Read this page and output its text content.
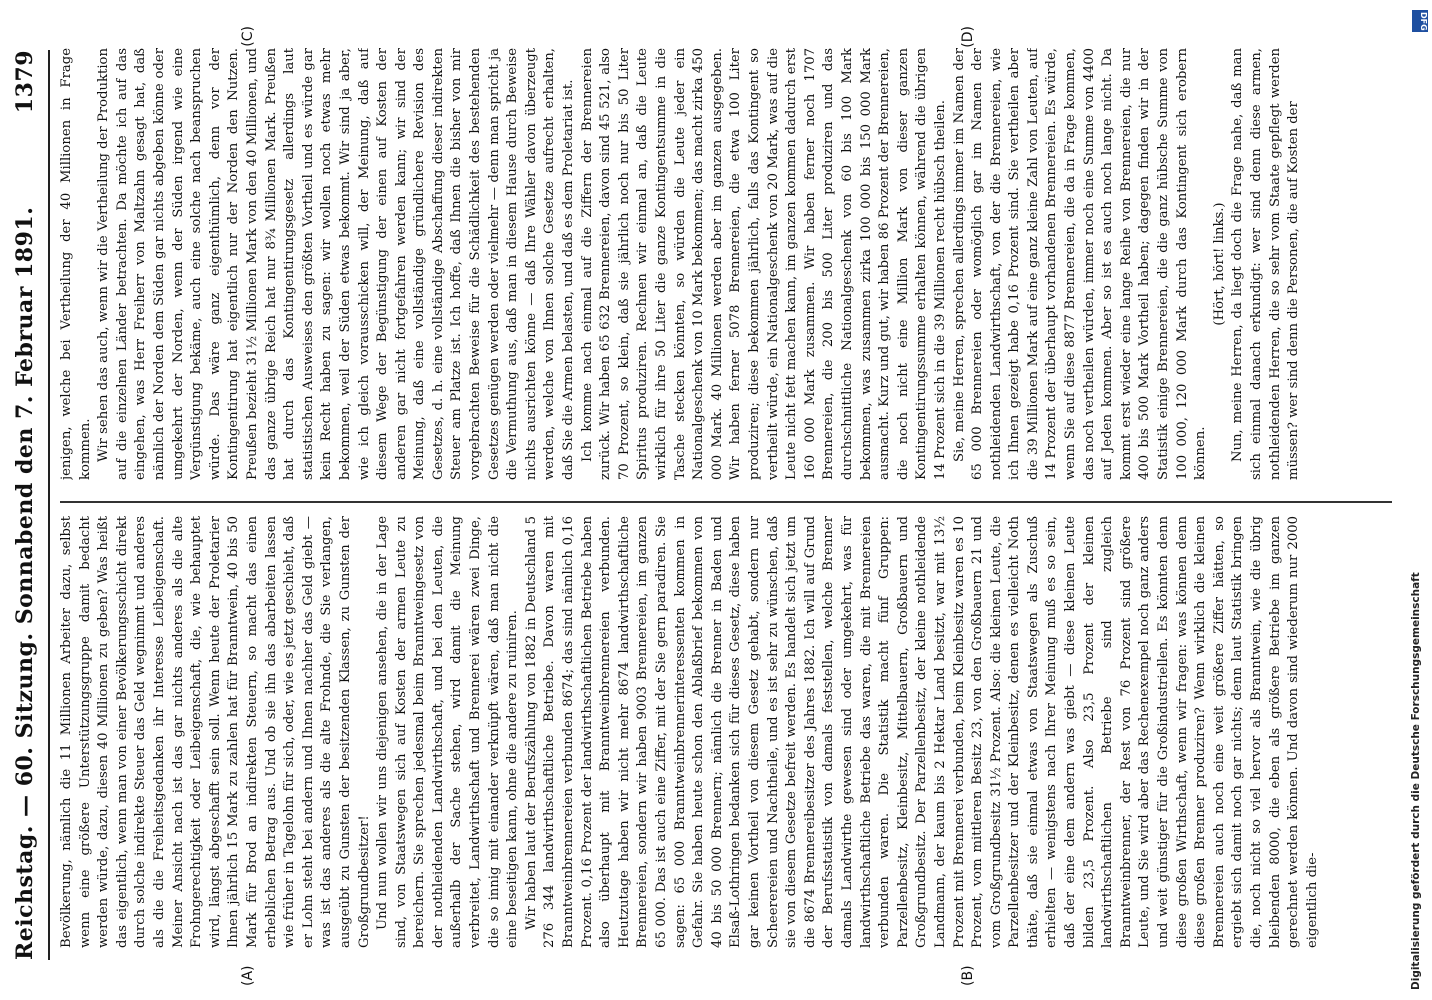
Reichstag. — 60. Sitzung. Sonnabend den 7. Februar 1891.
1379
(A)	(B)
(C)	(D)

Bevölkerung, nämlich die 11 Millionen Arbeiter dazu, selbst wenn eine größere Unterstützungsgruppe damit bedacht werden würde, dazu, diesen 40 Millionen zu geben? Was heißt das eigentlich, wenn man von einer Bevölkerungsschicht direkt durch solche indirekte Steuer das Geld wegnimmt und anderes als die die Freiheitsgedanken ihr Interesse Leibeigenschaft. Meiner Ansicht nach ist das gar nichts anderes als die alte Frohngerechtigkeit oder Leibeigenschaft, die, wie behauptet wird, längst abgeschafft sein soll. Wenn heute der Proletarier Ihnen jährlich 15 Mark zu zahlen hat für Branntwein, 40 bis 50 Mark für Brod an indirekten Steuern, so macht das einen erheblichen Betrag aus. Und ob sie ihn das abarbeiten lassen wie früher in Tagelohn für sich, oder, wie es jetzt geschieht, daß er Lohn steht bei andern und Ihnen nachher das Geld giebt — was ist das anderes als die alte Frohnde, die Sie verlangen, ausgeübt zu Gunsten der besitzenden Klassen, zu Gunsten der Großgrundbesitzer! Und nun wollen wir uns diejenigen ansehen, die in der Lage sind, von Staatswegen sich auf Kosten der armen Leute zu bereichern. Sie sprechen jedesmal beim Branntweingesetz von der nothleidenden Landwirthschaft, und bei den Leuten, die außerhalb der Sache stehen, wird damit die Meinung verbreitet, Landwirthschaft und Brennerei wären zwei Dinge, die so innig mit einander verknüpft wären, daß man nicht die eine beseitigen kann, ohne die andere zu ruiniren. Wir haben laut der Berufszählung von 1882 in Deutschland 5 276 344 landwirthschaftliche Betriebe. Davon waren mit Branntweinbrennereien verbunden 8674; das sind nämlich 0,16 Prozent. 0,16 Prozent der landwirthschaftlichen Betriebe haben also überhaupt mit Branntweinbrennereien verbunden. Heutzutage haben wir nicht mehr 8674 landwirthschaftliche Brennereien, sondern wir haben 9003 Brennereien, im ganzen 65 000. Das ist auch eine Ziffer, mit der Sie gern paradiren. Sie sagen: 65 000 Branntweinbrennerinteressenten kommen in Gefahr. Sie haben heute schon den Ablaßbrief bekommen von 40 bis 50 000 Brennern; nämlich die Brenner in Baden und Elsaß-Lothringen bedanken sich für dieses Gesetz, diese haben gar keinen Vortheil von diesem Gesetz gehabt, sondern nur Scheerereien und Nachtheile, und es ist sehr zu wünschen, daß sie von diesem Gesetze befreit werden. Es handelt sich jetzt um die 8674 Brennereibesitzer des Jahres 1882. Ich will auf Grund der Berufsstatistik von damals feststellen, welche Brenner damals Landwirthe gewesen sind oder umgekehrt, was für landwirthschaftliche Betriebe das waren, die mit Brennereien verbunden waren. Die Statistik macht fünf Gruppen: Parzellenbesitz, Kleinbesitz, Mittelbauern, Großbauern und Großgrundbesitz. Der Parzellenbesitz, der kleine nothleidende Landmann, der kaum bis 2 Hektar Land besitzt, war mit 13½ Prozent mit Brennerei verbunden, beim Kleinbesitz waren es 10 Prozent, vom mittleren Besitz 23, von den Großbauern 21 und vom Großgrundbesitz 31½ Prozent. Also: die kleinen Leute, die Parzellenbesitzer und der Kleinbesitz, denen es vielleicht Noth thäte, daß sie einmal etwas von Staatswegen als Zuschuß erhielten — wenigstens nach Ihrer Meinung muß es so sein, daß der eine dem andern was giebt — diese kleinen Leute bilden 23,5 Prozent. Also 23,5 Prozent der kleinen landwirthschaftlichen Betriebe sind zugleich Branntweinbrenner, der Rest von 76 Prozent sind größere Leute, und Sie wird aber das Rechenexempel noch ganz anders und weit günstiger für die Großindustriellen. Es könnten denn diese großen Wirthschaft, wenn wir fragen: was können denn diese großen Brenner produziren? Wenn wirklich die kleinen Brennereien auch noch eine weit größere Ziffer hätten, so ergiebt sich damit noch gar nichts; denn laut Statistik bringen die, noch nicht so viel hervor als Branntwein, wie die übrig bleibenden 8000, die eben als größere Betriebe im ganzen gerechnet werden können. Und davon sind wiederum nur 2000 eigentlich die-

jenigen, welche bei Vertheilung der 40 Millionen in Frage kommen. Wir sehen das auch, wenn wir die Vertheilung der Produktion auf die einzelnen Länder betrachten. Da möchte ich auf das eingehen, was Herr Freiherr von Maltzahn gesagt hat, daß nämlich der Norden dem Süden gar nichts abgeben könne oder umgekehrt der Norden, wenn der Süden irgend wie eine Vergünstigung bekäme, auch eine solche nach beanspruchen würde. Das wäre ganz eigenthümlich, denn vor der Kontingentirung hat eigentlich nur der Norden den Nutzen. Preußen bezieht 31½ Millionen Mark von den 40 Millionen, und das ganze übrige Reich hat nur 8¾ Millionen Mark. Preußen hat durch das Kontingentirungsgesetz allerdings laut statistischen Ausweises den größten Vortheil und es würde gar kein Recht haben zu sagen: wir wollen noch etwas mehr bekommen, weil der Süden etwas bekommt. Wir sind ja aber, wie ich gleich vorausschicken will, der Meinung, daß auf diesem Wege der Begünstigung der einen auf Kosten der anderen gar nicht fortgefahren werden kann; wir sind der Meinung, daß eine vollständige gründlichere Revision des Gesetzes, d. h. eine vollständige Abschaffung dieser indirekten Steuer am Platze ist. Ich hoffe, daß Ihnen die bisher von mir vorgebrachten Beweise für die Schädlichkeit des bestehenden Gesetzes genügen werden oder vielmehr — denn man spricht ja die Vermuthung aus, daß man in diesem Hause durch Beweise nichts ausrichten könne — daß Ihre Wähler davon überzeugt werden, welche von Ihnen solche Gesetze aufrecht erhalten, daß Sie die Armen belasten, und daß es dem Proletariat ist. Ich komme nach einmal auf die Ziffern der Brennereien zurück. Wir haben 65 632 Brennereien, davon sind 45 521, also 70 Prozent, so klein, daß sie jährlich noch nur bis 50 Liter Spiritus produziren. Rechnen wir einmal an, daß die Leute wirklich für ihre 50 Liter die ganze Kontingentsumme in die Tasche stecken könnten, so würden die Leute jeder ein Nationalgeschenk von 10 Mark bekommen; das macht zirka 450 000 Mark. 40 Millionen werden aber im ganzen ausgegeben. Wir haben ferner 5078 Brennereien, die etwa 100 Liter produziren; diese bekommen jährlich, falls das Kontingent so vertheilt würde, ein Nationalgeschenk von 20 Mark, was auf die Leute nicht fett machen kann, im ganzen kommen dadurch erst 160 000 Mark zusammen. Wir haben ferner noch 1707 Brennereien, die 200 bis 500 Liter produziren und das durchschnittliche Nationalgeschenk von 60 bis 100 Mark bekommen, was zusammen zirka 100 000 bis 150 000 Mark ausmacht. Kurz und gut, wir haben 86 Prozent der Brennereien, die noch nicht eine Million Mark von dieser ganzen Kontingentirungssumme erhalten können, während die übrigen 14 Prozent sich in die 39 Millionen recht hübsch theilen. Sie, meine Herren, sprechen allerdings immer im Namen der 65 000 Brennereien oder womöglich gar im Namen der nothleidenden Landwirthschaft, von der die Brennereien, wie ich Ihnen gezeigt habe 0,16 Prozent sind. Sie vertheilen aber die 39 Millionen Mark auf eine ganz kleine Zahl von Leuten, auf 14 Prozent der überhaupt vorhandenen Brennereien. Es würde, wenn Sie auf diese 8877 Brennereien, die da in Frage kommen, das noch vertheilen würden, immer noch eine Summe von 4400 auf Jeden kommen. Aber so ist es auch noch lange nicht. Da kommt erst wieder eine lange Reihe von Brennereien, die nur 400 bis 500 Mark Vortheil haben; dagegen finden wir in der Statistik einige Brennereien, die die ganz hübsche Summe von 100 000, 120 000 Mark durch das Kontingent sich erobern können.

(Hört, hört! links.) Nun, meine Herren, da liegt doch die Frage nahe, daß man sich einmal danach erkundigt: wer sind denn diese armen, nothleidenden Herren, die so sehr vom Staate gepflegt werden müssen? wer sind denn die Personen, die auf Kosten der

Digitalisierung gefördert durch die Deutsche Forschungsgemeinschaft
DFG
